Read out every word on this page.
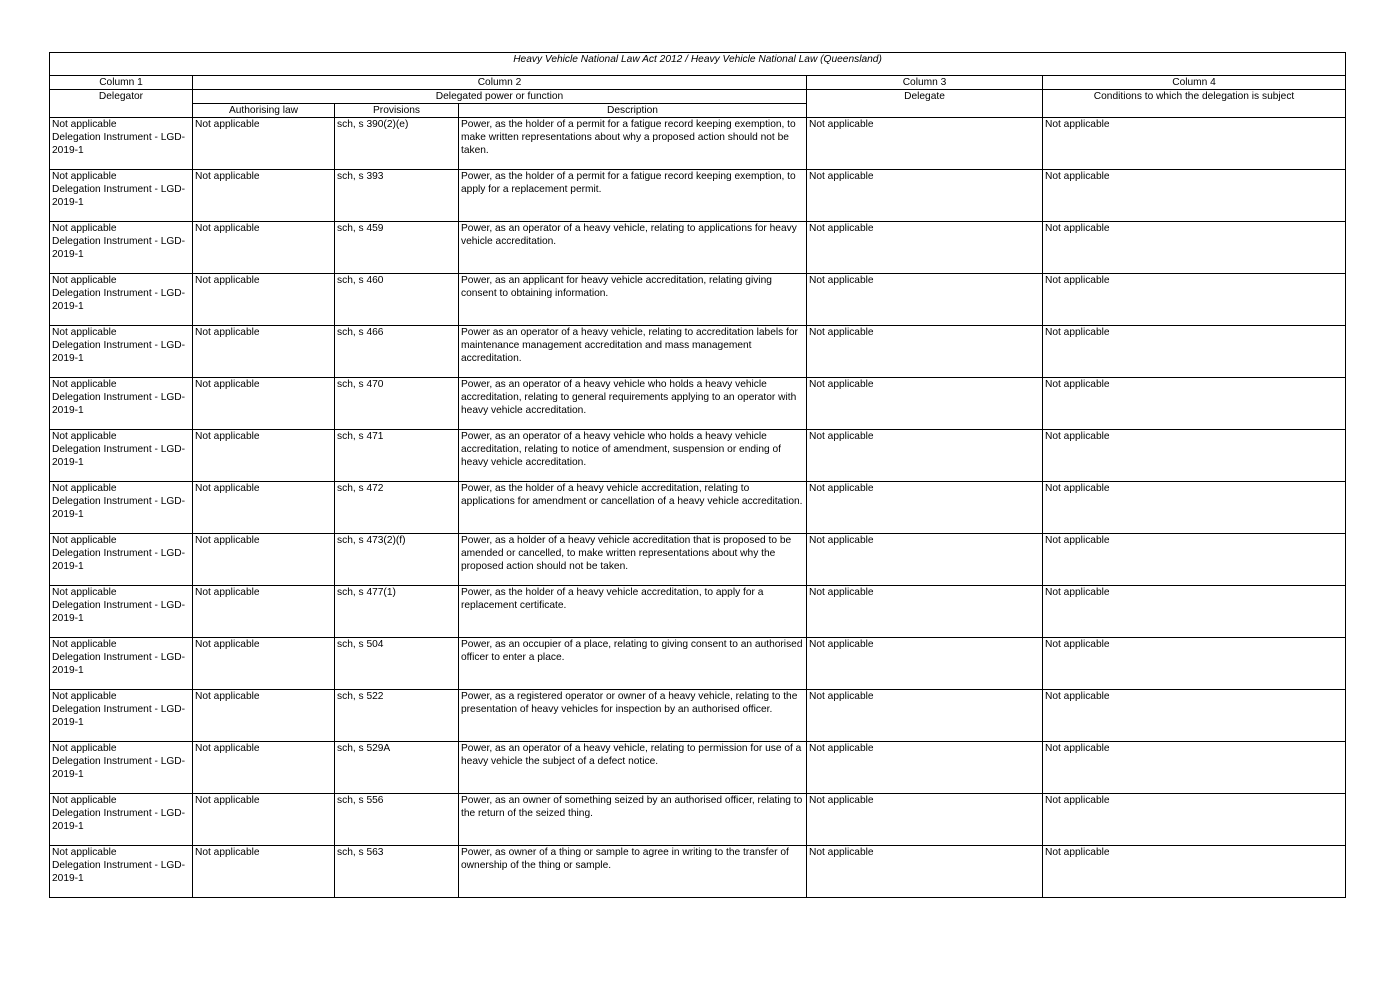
Heavy Vehicle National Law Act 2012 / Heavy Vehicle National Law (Queensland)					
Column 1	Column 2			Column 3	Column 4
Delegator	Delegated power or function			Delegate	Conditions to which the delegation is subject
	Authorising law	Provisions	Description		

Not applicable
Delegation Instrument - LGD-2019-1	Not applicable	sch, s 390(2)(e)	Power, as the holder of a permit for a fatigue record keeping exemption, to make written representations about why a proposed action should not be taken.	Not applicable	Not applicable

Not applicable
Delegation Instrument - LGD-2019-1	Not applicable	sch, s 393	Power, as the holder of a permit for a fatigue record keeping exemption, to apply for a replacement permit.	Not applicable	Not applicable

Not applicable
Delegation Instrument - LGD-2019-1	Not applicable	sch, s 459	Power, as an operator of a heavy vehicle, relating to applications for heavy vehicle accreditation.	Not applicable	Not applicable

Not applicable
Delegation Instrument - LGD-2019-1	Not applicable	sch, s 460	Power, as an applicant for heavy vehicle accreditation, relating giving consent to obtaining information.	Not applicable	Not applicable

Not applicable
Delegation Instrument - LGD-2019-1	Not applicable	sch, s 466	Power as an operator of a heavy vehicle, relating to accreditation labels for maintenance management accreditation and mass management accreditation.	Not applicable	Not applicable

Not applicable
Delegation Instrument - LGD-2019-1	Not applicable	sch, s 470	Power, as an operator of a heavy vehicle who holds a heavy vehicle accreditation, relating to general requirements applying to an operator with heavy vehicle accreditation.	Not applicable	Not applicable

Not applicable
Delegation Instrument - LGD-2019-1	Not applicable	sch, s 471	Power, as an operator of a heavy vehicle who holds a heavy vehicle accreditation, relating to notice of amendment, suspension or ending of heavy vehicle accreditation.	Not applicable	Not applicable

Not applicable
Delegation Instrument - LGD-2019-1	Not applicable	sch, s 472	Power, as the holder of a heavy vehicle accreditation, relating to applications for amendment or cancellation of a heavy vehicle accreditation.	Not applicable	Not applicable

Not applicable
Delegation Instrument - LGD-2019-1	Not applicable	sch, s 473(2)(f)	Power, as a holder of a heavy vehicle accreditation that is proposed to be amended or cancelled, to make written representations about why the proposed action should not be taken.	Not applicable	Not applicable

Not applicable
Delegation Instrument - LGD-2019-1	Not applicable	sch, s 477(1)	Power, as the holder of a heavy vehicle accreditation, to apply for a replacement certificate.	Not applicable	Not applicable

Not applicable
Delegation Instrument - LGD-2019-1	Not applicable	sch, s 504	Power, as an occupier of a place, relating to giving consent to an authorised officer to enter a place.	Not applicable	Not applicable

Not applicable
Delegation Instrument - LGD-2019-1	Not applicable	sch, s 522	Power, as a registered operator or owner of a heavy vehicle, relating to the presentation of heavy vehicles for inspection by an authorised officer.	Not applicable	Not applicable

Not applicable
Delegation Instrument - LGD-2019-1	Not applicable	sch, s 529A	Power, as an operator of a heavy vehicle, relating to permission for use of a heavy vehicle the subject of a defect notice.	Not applicable	Not applicable

Not applicable
Delegation Instrument - LGD-2019-1	Not applicable	sch, s 556	Power, as an owner of something seized by an authorised officer, relating to the return of the seized thing.	Not applicable	Not applicable

Not applicable
Delegation Instrument - LGD-2019-1	Not applicable	sch, s 563	Power, as owner of a thing or sample to agree in writing to the transfer of ownership of the thing or sample.	Not applicable	Not applicable
